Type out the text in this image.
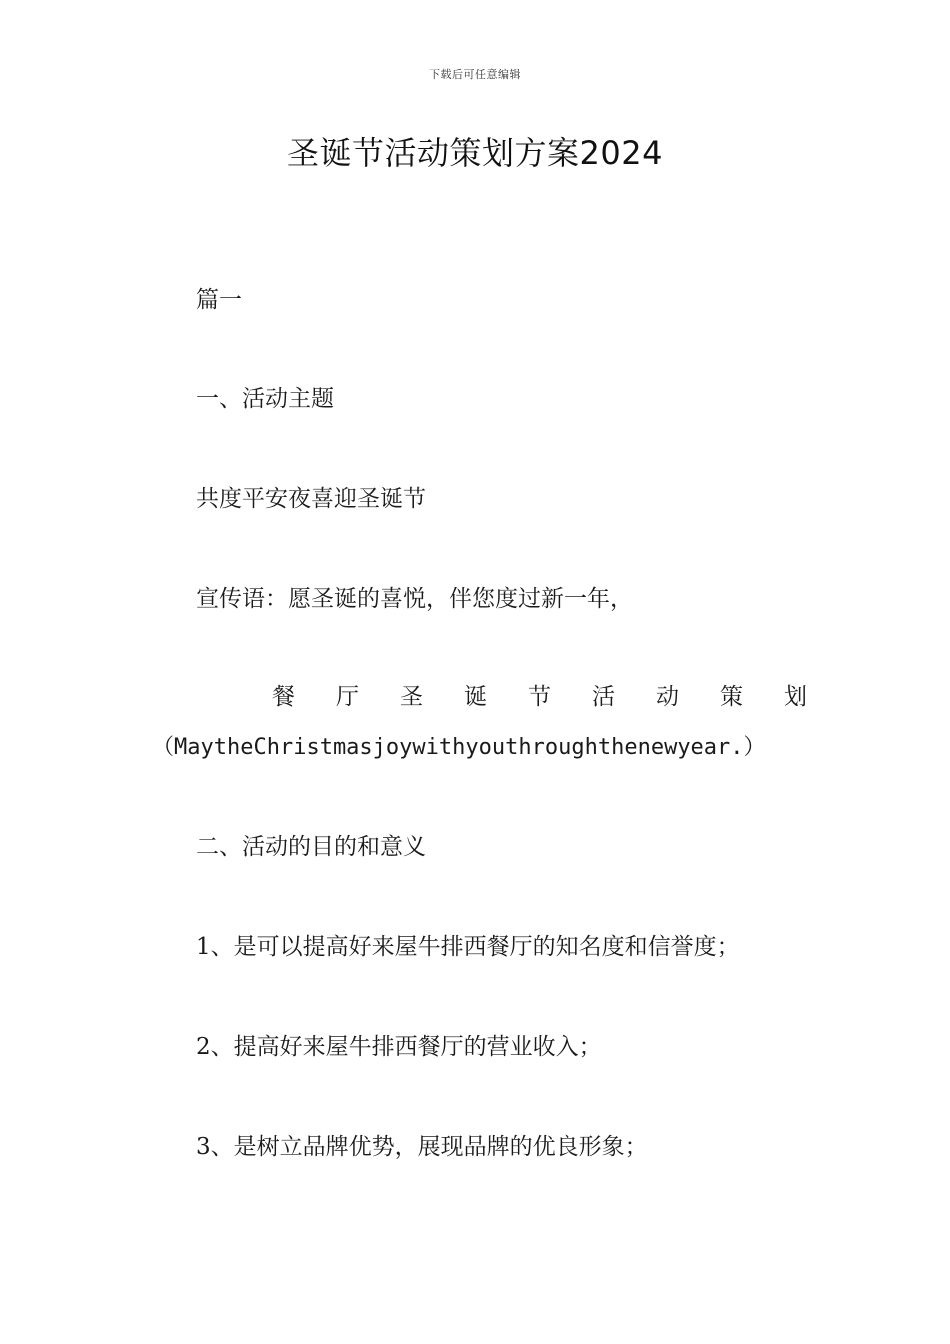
下载后可任意编辑
圣诞节活动策划方案2024
篇一
一、活动主题
共度平安夜喜迎圣诞节
宣传语：愿圣诞的喜悦，伴您度过新一年，
餐 厅 圣 诞 节 活 动 策 划
（MaytheChristmasjoywithyouthroughthenewyear.）
二、活动的目的和意义
1、是可以提高好来屋牛排西餐厅的知名度和信誉度；
2、提高好来屋牛排西餐厅的营业收入；
3、是树立品牌优势，展现品牌的优良形象；
